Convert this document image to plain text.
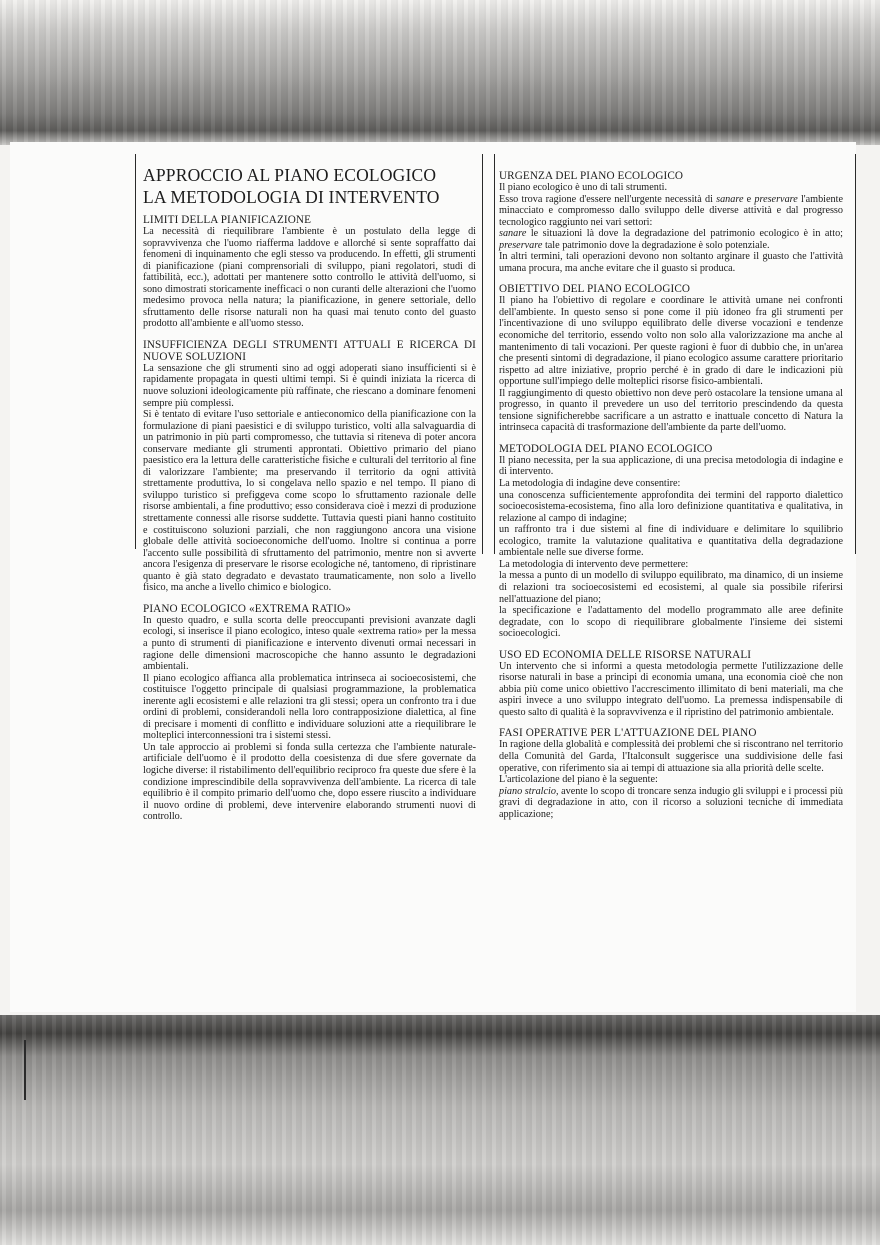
APPROCCIO AL PIANO ECOLOGICO
LA METODOLOGIA DI INTERVENTO
LIMITI DELLA PIANIFICAZIONE

La necessità di riequilibrare l'ambiente è un postulato della legge di sopravvivenza che l'uomo riafferma laddove e allorché si sente sopraffatto dai fenomeni di inquinamento che egli stesso va producendo. In effetti, gli strumenti di pianificazione (piani comprensoriali di sviluppo, piani regolatori, studi di fattibilità, ecc.), adottati per mantenere sotto controllo le attività dell'uomo, si sono dimostrati storicamente inefficaci o non curanti delle alterazioni che l'uomo medesimo provoca nella natura; la pianificazione, in genere settoriale, dello sfruttamento delle risorse naturali non ha quasi mai tenuto conto del guasto prodotto all'ambiente e all'uomo stesso.

INSUFFICIENZA DEGLI STRUMENTI ATTUALI E RICERCA DI NUOVE SOLUZIONI

La sensazione che gli strumenti sino ad oggi adoperati siano insufficienti si è rapidamente propagata in questi ultimi tempi. Si è quindi iniziata la ricerca di nuove soluzioni ideologicamente più raffinate, che riescano a dominare fenomeni sempre più complessi.

Si è tentato di evitare l'uso settoriale e antieconomico della pianificazione con la formulazione di piani paesistici e di sviluppo turistico, volti alla salvaguardia di un patrimonio in più parti compromesso, che tuttavia si riteneva di poter ancora conservare mediante gli strumenti approntati. Obiettivo primario del piano paesistico era la lettura delle caratteristiche fisiche e culturali del territorio al fine di valorizzare l'ambiente; ma preservando il territorio da ogni attività strettamente produttiva, lo si congelava nello spazio e nel tempo. Il piano di sviluppo turistico si prefiggeva come scopo lo sfruttamento razionale delle risorse ambientali, a fine produttivo; esso considerava cioè i mezzi di produzione strettamente connessi alle risorse suddette. Tuttavia questi piani hanno costituito e costituiscono soluzioni parziali, che non raggiungono ancora una visione globale delle attività socioeconomiche dell'uomo. Inoltre si continua a porre l'accento sulle possibilità di sfruttamento del patrimonio, mentre non si avverte ancora l'esigenza di preservare le risorse ecologiche né, tantomeno, di ripristinare quanto è già stato degradato e devastato traumaticamente, non solo a livello fisico, ma anche a livello chimico e biologico.

PIANO ECOLOGICO «EXTREMA RATIO»

In questo quadro, e sulla scorta delle preoccupanti previsioni avanzate dagli ecologi, si inserisce il piano ecologico, inteso quale «extrema ratio» per la messa a punto di strumenti di pianificazione e intervento divenuti ormai necessari in ragione delle dimensioni macroscopiche che hanno assunto le degradazioni ambientali.

Il piano ecologico affianca alla problematica intrinseca ai socioecosistemi, che costituisce l'oggetto principale di qualsiasi programmazione, la problematica inerente agli ecosistemi e alle relazioni tra gli stessi; opera un confronto tra i due ordini di problemi, considerandoli nella loro contrapposizione dialettica, al fine di precisare i momenti di conflitto e individuare soluzioni atte a riequilibrare le molteplici interconnessioni tra i sistemi stessi.

Un tale approccio ai problemi si fonda sulla certezza che l'ambiente naturale-artificiale dell'uomo è il prodotto della coesistenza di due sfere governate da logiche diverse: il ristabilimento dell'equilibrio reciproco fra queste due sfere è la condizione imprescindibile della sopravvivenza dell'ambiente. La ricerca di tale equilibrio è il compito primario dell'uomo che, dopo essere riuscito a individuare il nuovo ordine di problemi, deve intervenire elaborando strumenti nuovi di controllo.

URGENZA DEL PIANO ECOLOGICO

Il piano ecologico è uno di tali strumenti.

Esso trova ragione d'essere nell'urgente necessità di sanare e preservare l'ambiente minacciato e compromesso dallo sviluppo delle diverse attività e dal progresso tecnologico raggiunto nei vari settori:

sanare le situazioni là dove la degradazione del patrimonio ecologico è in atto; preservare tale patrimonio dove la degradazione è solo potenziale.

In altri termini, tali operazioni devono non soltanto arginare il guasto che l'attività umana procura, ma anche evitare che il guasto si produca.

OBIETTIVO DEL PIANO ECOLOGICO

Il piano ha l'obiettivo di regolare e coordinare le attività umane nei confronti dell'ambiente. In questo senso si pone come il più idoneo fra gli strumenti per l'incentivazione di uno sviluppo equilibrato delle diverse vocazioni e tendenze economiche del territorio, essendo volto non solo alla valorizzazione ma anche al mantenimento di tali vocazioni. Per queste ragioni è fuor di dubbio che, in un'area che presenti sintomi di degradazione, il piano ecologico assume carattere prioritario rispetto ad altre iniziative, proprio perché è in grado di dare le indicazioni più opportune sull'impiego delle molteplici risorse fisico-ambientali.

Il raggiungimento di questo obiettivo non deve però ostacolare la tensione umana al progresso, in quanto il prevedere un uso del territorio prescindendo da questa tensione significherebbe sacrificare a un astratto e inattuale concetto di Natura la intrinseca capacità di trasformazione dell'ambiente da parte dell'uomo.

METODOLOGIA DEL PIANO ECOLOGICO

Il piano necessita, per la sua applicazione, di una precisa metodologia di indagine e di intervento.

La metodologia di indagine deve consentire:

una conoscenza sufficientemente approfondita dei termini del rapporto dialettico socioecosistema-ecosistema, fino alla loro definizione quantitativa e qualitativa, in relazione al campo di indagine;

un raffronto tra i due sistemi al fine di individuare e delimitare lo squilibrio ecologico, tramite la valutazione qualitativa e quantitativa della degradazione ambientale nelle sue diverse forme.

La metodologia di intervento deve permettere:

la messa a punto di un modello di sviluppo equilibrato, ma dinamico, di un insieme di relazioni tra socioecosistemi ed ecosistemi, al quale sia possibile riferirsi nell'attuazione del piano;

la specificazione e l'adattamento del modello programmato alle aree definite degradate, con lo scopo di riequilibrare globalmente l'insieme dei sistemi socioecologici.

USO ED ECONOMIA DELLE RISORSE NATURALI

Un intervento che si informi a questa metodologia permette l'utilizzazione delle risorse naturali in base a principi di economia umana, una economia cioè che non abbia più come unico obiettivo l'accrescimento illimitato di beni materiali, ma che aspiri invece a uno sviluppo integrato dell'uomo. La premessa indispensabile di questo salto di qualità è la sopravvivenza e il ripristino del patrimonio ambientale.

FASI OPERATIVE PER L'ATTUAZIONE DEL PIANO

In ragione della globalità e complessità dei problemi che si riscontrano nel territorio della Comunità del Garda, l'Italconsult suggerisce una suddivisione delle fasi operative, con riferimento sia ai tempi di attuazione sia alla priorità delle scelte.

L'articolazione del piano è la seguente:

piano stralcio, avente lo scopo di troncare senza indugio gli sviluppi e i processi più gravi di degradazione in atto, con il ricorso a soluzioni tecniche di immediata applicazione;
